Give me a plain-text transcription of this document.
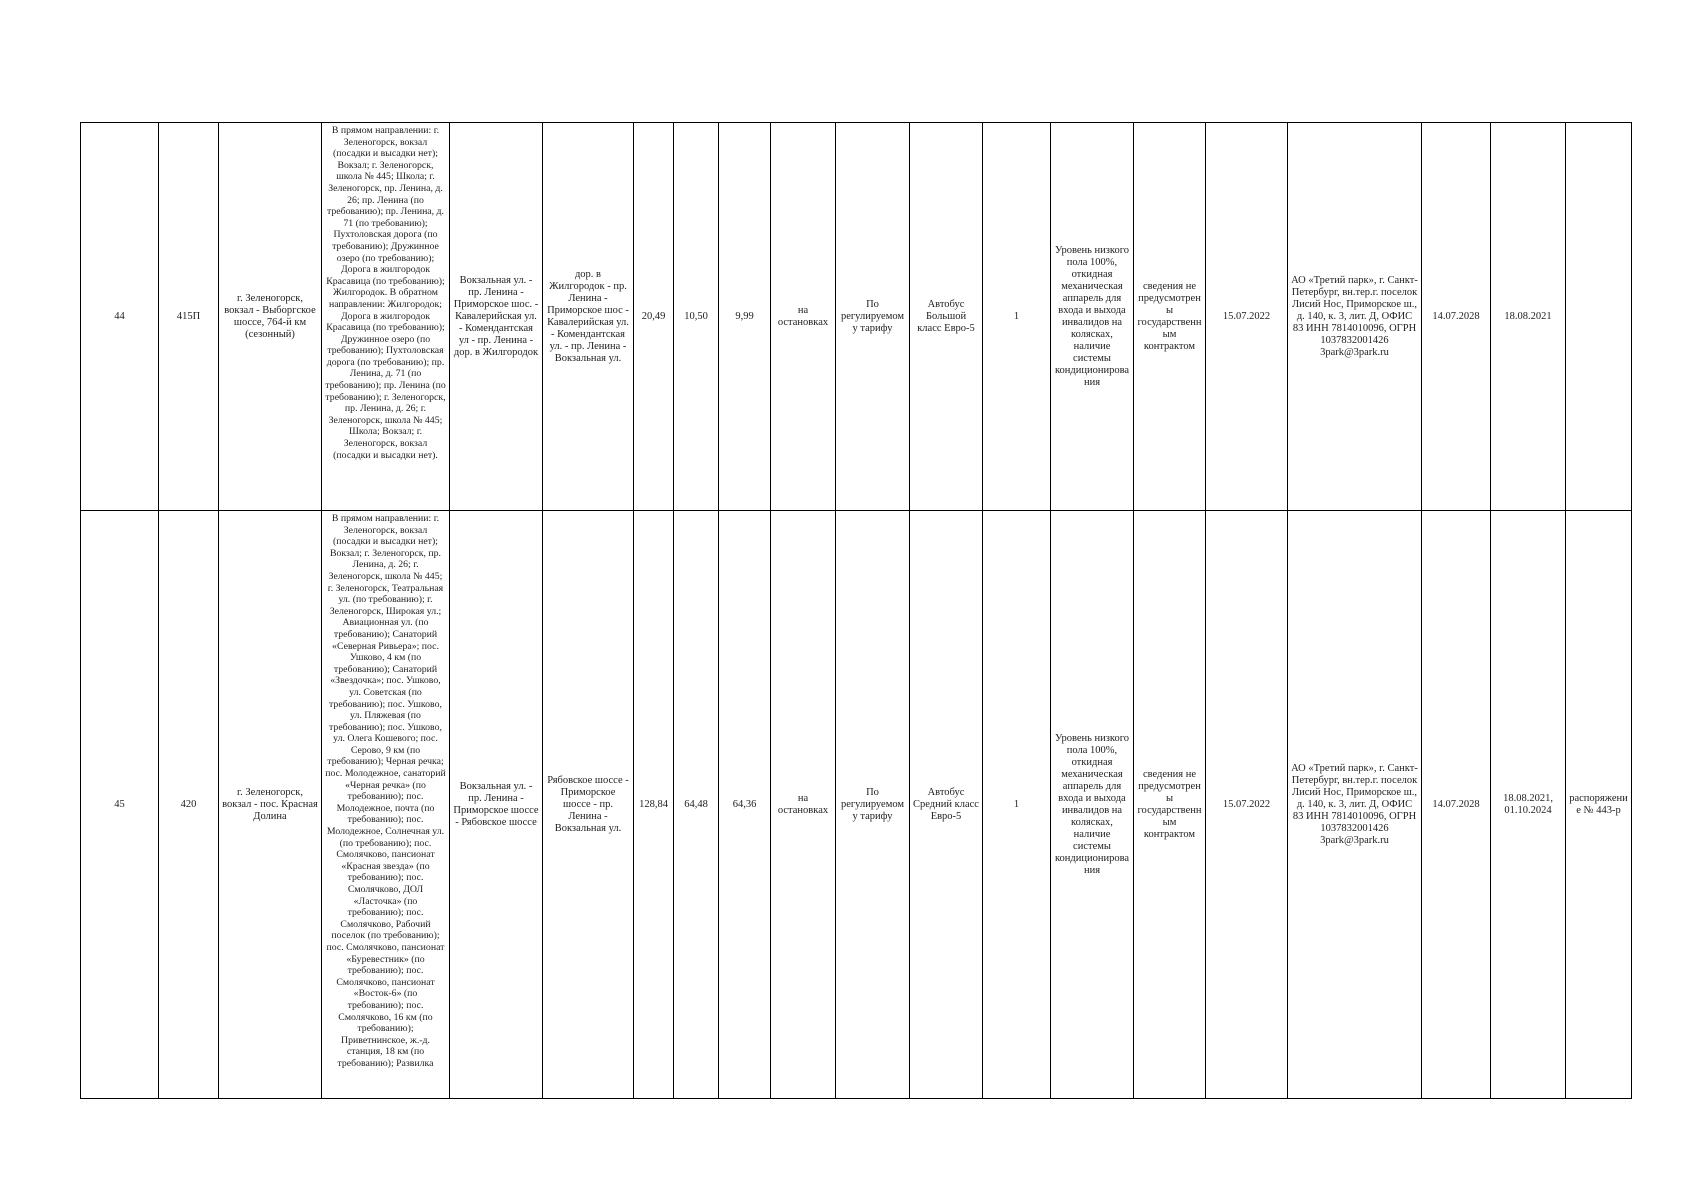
44	415П	г. Зеленогорск, вокзал - Выборгское шоссе, 764-й км (сезонный)	В прямом направлении: г. Зеленогорск, вокзал (посадки и высадки нет); Вокзал; г. Зеленогорск, школа № 445; Школа; г. Зеленогорск, пр. Ленина, д. 26; пр. Ленина (по требованию); пр. Ленина, д. 71 (по требованию); Пухтоловская дорога (по требованию); Дружинное озеро (по требованию); Дорога в жилгородок Красавица (по требованию); Жилгородок. В обратном направлении: Жилгородок; Дорога в жилгородок Красавица (по требованию); Дружинное озеро (по требованию); Пухтоловская дорога (по требованию); пр. Ленина, д. 71 (по требованию); пр. Ленина (по требованию); г. Зеленогорск, пр. Ленина, д. 26; г. Зеленогорск, школа № 445; Школа; Вокзал; г. Зеленогорск, вокзал (посадки и высадки нет).	Вокзальная ул. - пр. Ленина - Приморское шос. - Кавалерийская ул. - Комендантская ул - пр. Ленина - дор. в Жилгородок	дор. в Жилгородок - пр. Ленина - Приморское шос - Кавалерийская ул. - Комендантская ул. - пр. Ленина - Вокзальная ул.	20,49	10,50	9,99	на остановках	По регулируемому тарифу	Автобус Большой класс Евро-5	1	Уровень низкого пола 100%, откидная механическая аппарель для входа и выхода инвалидов на колясках, наличие системы кондиционирования	сведения не предусмотрены государственным контрактом	15.07.2022	АО «Третий парк», г. Санкт-Петербург, вн.тер.г. поселок Лисий Нос, Приморское ш., д. 140, к. 3, лит. Д, ОФИС 83 ИНН 7814010096, ОГРН 1037832001426 3park@3park.ru	14.07.2028	18.08.2021	
45	420	г. Зеленогорск, вокзал - пос. Красная Долина	В прямом направлении: г. Зеленогорск, вокзал (посадки и высадки нет); Вокзал; г. Зеленогорск, пр. Ленина, д. 26; г. Зеленогорск, школа № 445; г. Зеленогорск, Театральная ул. (по требованию); г. Зеленогорск, Широкая ул.; Авиационная ул. (по требованию); Санаторий «Северная Ривьера»; пос. Ушково, 4 км (по требованию); Санаторий «Звездочка»; пос. Ушково, ул. Советская (по требованию); пос. Ушково, ул. Пляжевая (по требованию); пос. Ушково, ул. Олега Кошевого; пос. Серово, 9 км (по требованию); Черная речка; пос. Молодежное, санаторий «Черная речка» (по требованию); пос. Молодежное, почта (по требованию); пос. Молодежное, Солнечная ул. (по требованию); пос. Смолячково, пансионат «Красная звезда» (по требованию); пос. Смолячково, ДОЛ «Ласточка» (по требованию); пос. Смолячково, Рабочий поселок (по требованию); пос. Смолячково, пансионат «Буревестник» (по требованию); пос. Смолячково, пансионат «Восток-6» (по требованию); пос. Смолячково, 16 км (по требованию); Приветнинское, ж.-д. станция, 18 км (по требованию); Развилка	Вокзальная ул. - пр. Ленина - Приморское шоссе - Рябовское шоссе	Рябовское шоссе - Приморское шоссе - пр. Ленина - Вокзальная ул.	128,84	64,48	64,36	на остановках	По регулируемому тарифу	Автобус Средний класс Евро-5	1	Уровень низкого пола 100%, откидная механическая аппарель для входа и выхода инвалидов на колясках, наличие системы кондиционирования	сведения не предусмотрены государственным контрактом	15.07.2022	АО «Третий парк», г. Санкт-Петербург, вн.тер.г. поселок Лисий Нос, Приморское ш., д. 140, к. 3, лит. Д, ОФИС 83 ИНН 7814010096, ОГРН 1037832001426 3park@3park.ru	14.07.2028	18.08.2021, 01.10.2024	распоряжение № 443-р
